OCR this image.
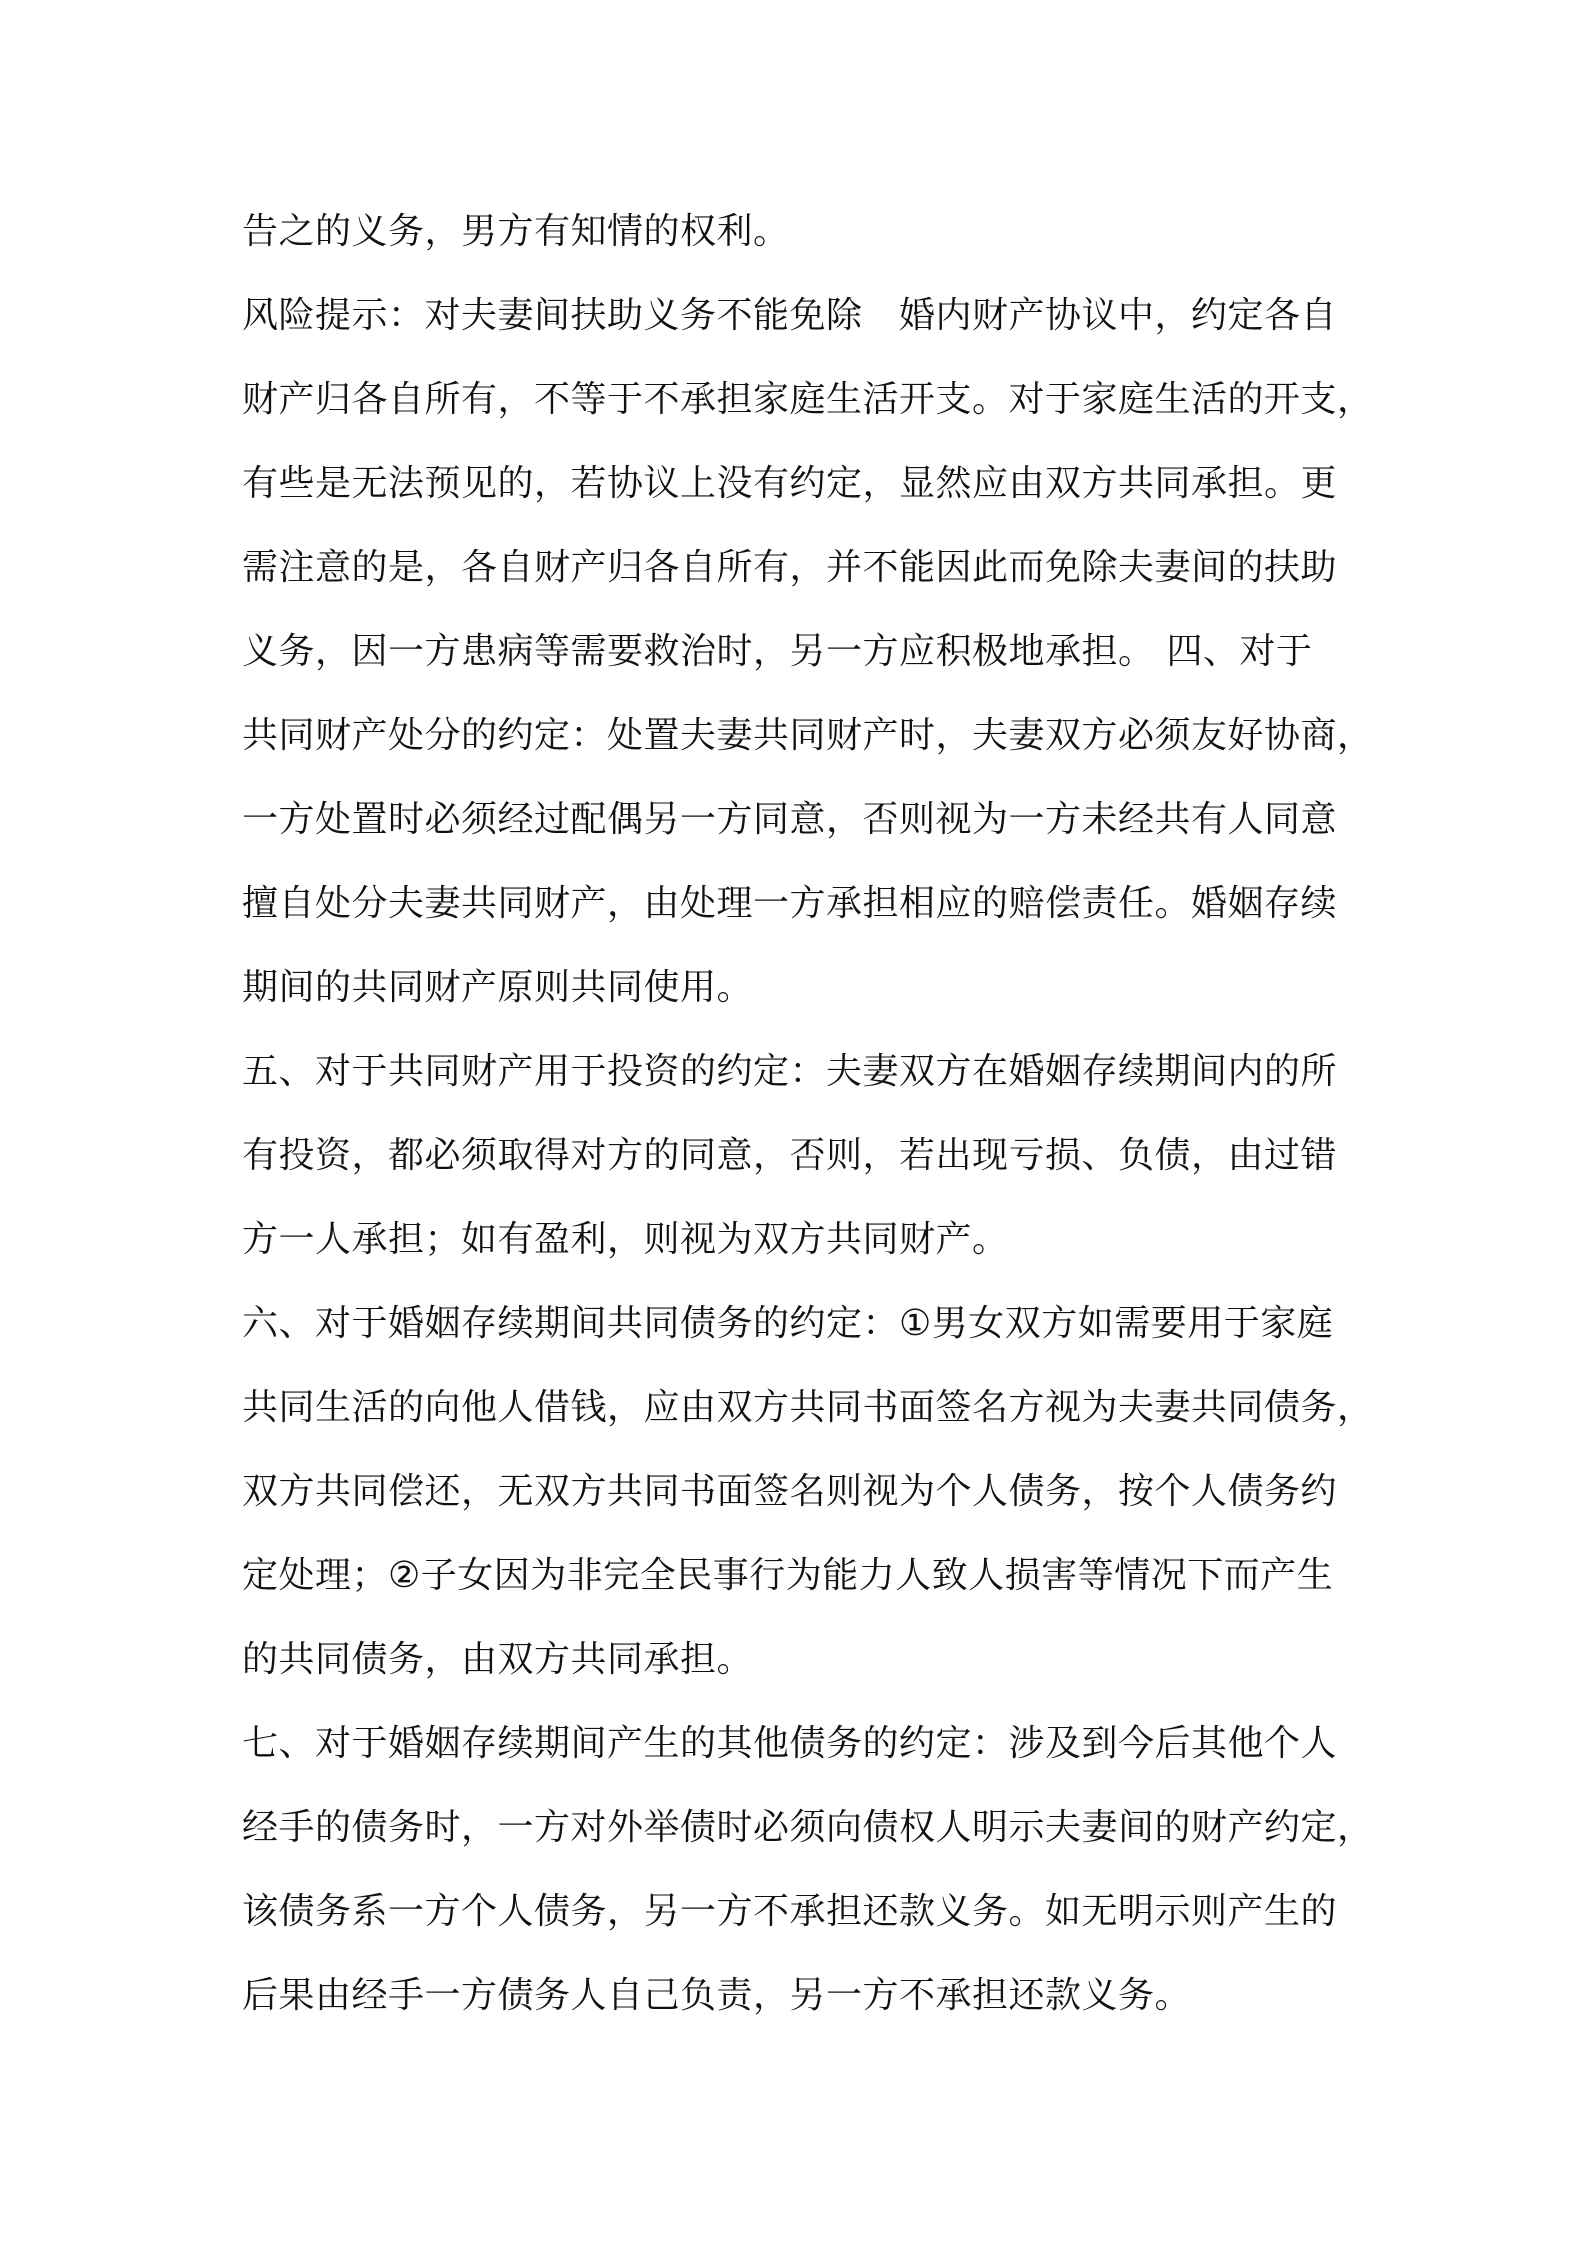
告之的义务，男方有知情的权利。
风险提示：对夫妻间扶助义务不能免除　婚内财产协议中，约定各自
财产归各自所有，不等于不承担家庭生活开支。对于家庭生活的开支，
有些是无法预见的，若协议上没有约定，显然应由双方共同承担。更
需注意的是，各自财产归各自所有，并不能因此而免除夫妻间的扶助
义务，因一方患病等需要救治时，另一方应积极地承担。 四、对于
共同财产处分的约定：处置夫妻共同财产时，夫妻双方必须友好协商，
一方处置时必须经过配偶另一方同意，否则视为一方未经共有人同意
擅自处分夫妻共同财产，由处理一方承担相应的赔偿责任。婚姻存续
期间的共同财产原则共同使用。
五、对于共同财产用于投资的约定：夫妻双方在婚姻存续期间内的所
有投资，都必须取得对方的同意，否则，若出现亏损、负债，由过错
方一人承担；如有盈利，则视为双方共同财产。
六、对于婚姻存续期间共同债务的约定：①男女双方如需要用于家庭
共同生活的向他人借钱，应由双方共同书面签名方视为夫妻共同债务，
双方共同偿还，无双方共同书面签名则视为个人债务，按个人债务约
定处理；②子女因为非完全民事行为能力人致人损害等情况下而产生
的共同债务，由双方共同承担。
七、对于婚姻存续期间产生的其他债务的约定：涉及到今后其他个人
经手的债务时，一方对外举债时必须向债权人明示夫妻间的财产约定，
该债务系一方个人债务，另一方不承担还款义务。如无明示则产生的
后果由经手一方债务人自己负责，另一方不承担还款义务。
